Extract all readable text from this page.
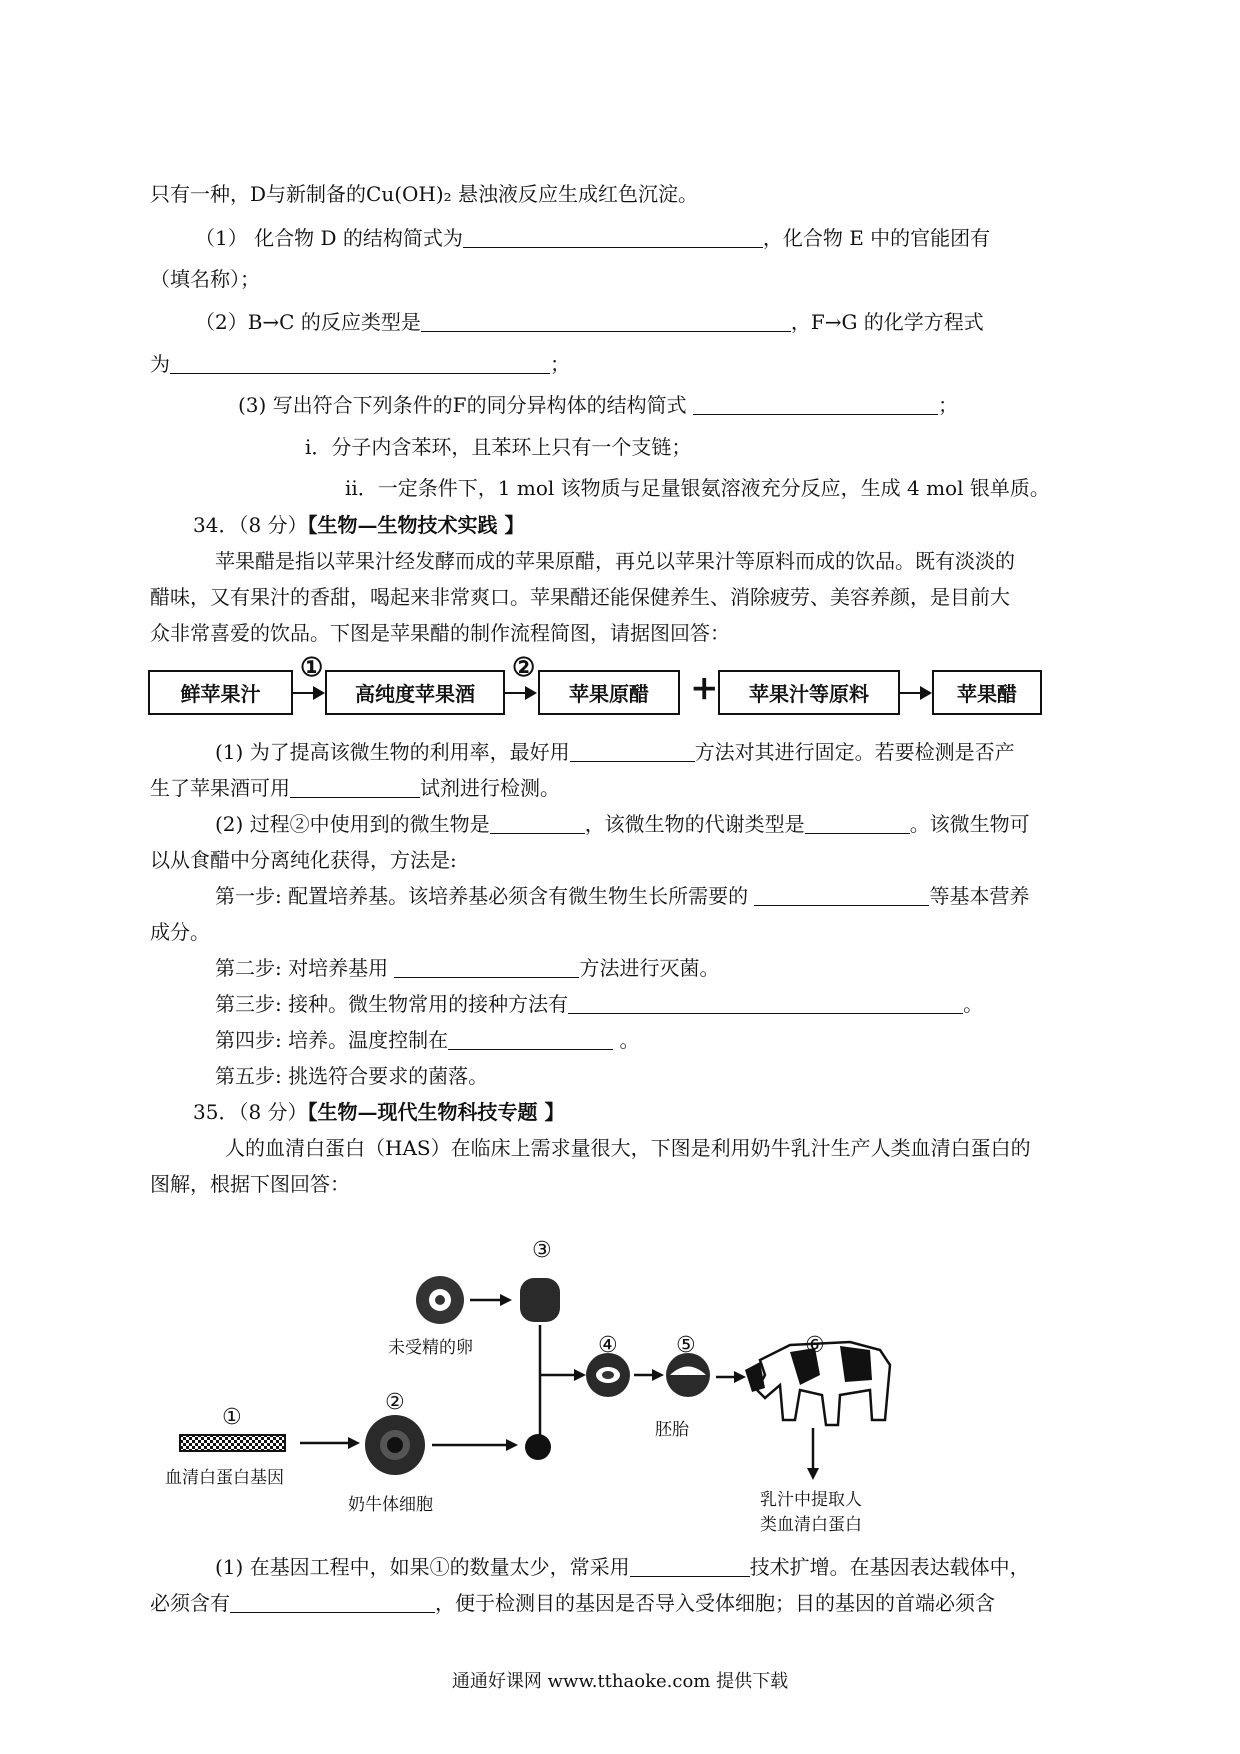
只有一种，D与新制备的Cu(OH)₂ 悬浊液反应生成红色沉淀。
（1） 化合物 D 的结构简式为	，化合物 E 中的官能团有
（填名称）；
（2）B→C 的反应类型是	，F→G 的化学方程式
为	；
(3) 写出符合下列条件的F的同分异构体的结构简式	；
i．分子内含苯环，且苯环上只有一个支链；
ii．一定条件下，1 mol 该物质与足量银氨溶液充分反应，生成 4 mol 银单质。
34．（8 分）【生物—生物技术实践 】
苹果醋是指以苹果汁经发酵而成的苹果原醋，再兑以苹果汁等原料而成的饮品。既有淡淡的
醋味，又有果汁的香甜，喝起来非常爽口。苹果醋还能保健养生、消除疲劳、美容养颜，是目前大
众非常喜爱的饮品。下图是苹果醋的制作流程简图，请据图回答：
鲜苹果汁
①
高纯度苹果酒
②
苹果原醋	+	苹果汁等原料	苹果醋
(1) 为了提高该微生物的利用率，最好用	方法对其进行固定。若要检测是否产
生了苹果酒可用	试剂进行检测。
(2) 过程②中使用到的微生物是	，该微生物的代谢类型是	。该微生物可
以从食醋中分离纯化获得，方法是:
第一步: 配置培养基。该培养基必须含有微生物生长所需要的	等基本营养
成分。
第二步: 对培养基用	方法进行灭菌。
第三步: 接种。微生物常用的接种方法有	。
第四步: 培养。温度控制在	。
第五步: 挑选符合要求的菌落。
35．（8 分）【生物—现代生物科技专题 】
人的血清白蛋白（HAS）在临床上需求量很大，下图是利用奶牛乳汁生产人类血清白蛋白的
图解，根据下图回答：
③
未受精的卵	④	⑤	⑥
②
①	胚胎
血清白蛋白基因
奶牛体细胞	乳汁中提取人
类血清白蛋白
(1) 在基因工程中，如果①的数量太少，常采用	技术扩增。在基因表达载体中，
必须含有	，便于检测目的基因是否导入受体细胞；目的基因的首端必须含
通通好课网 www.tthaoke.com 提供下载
